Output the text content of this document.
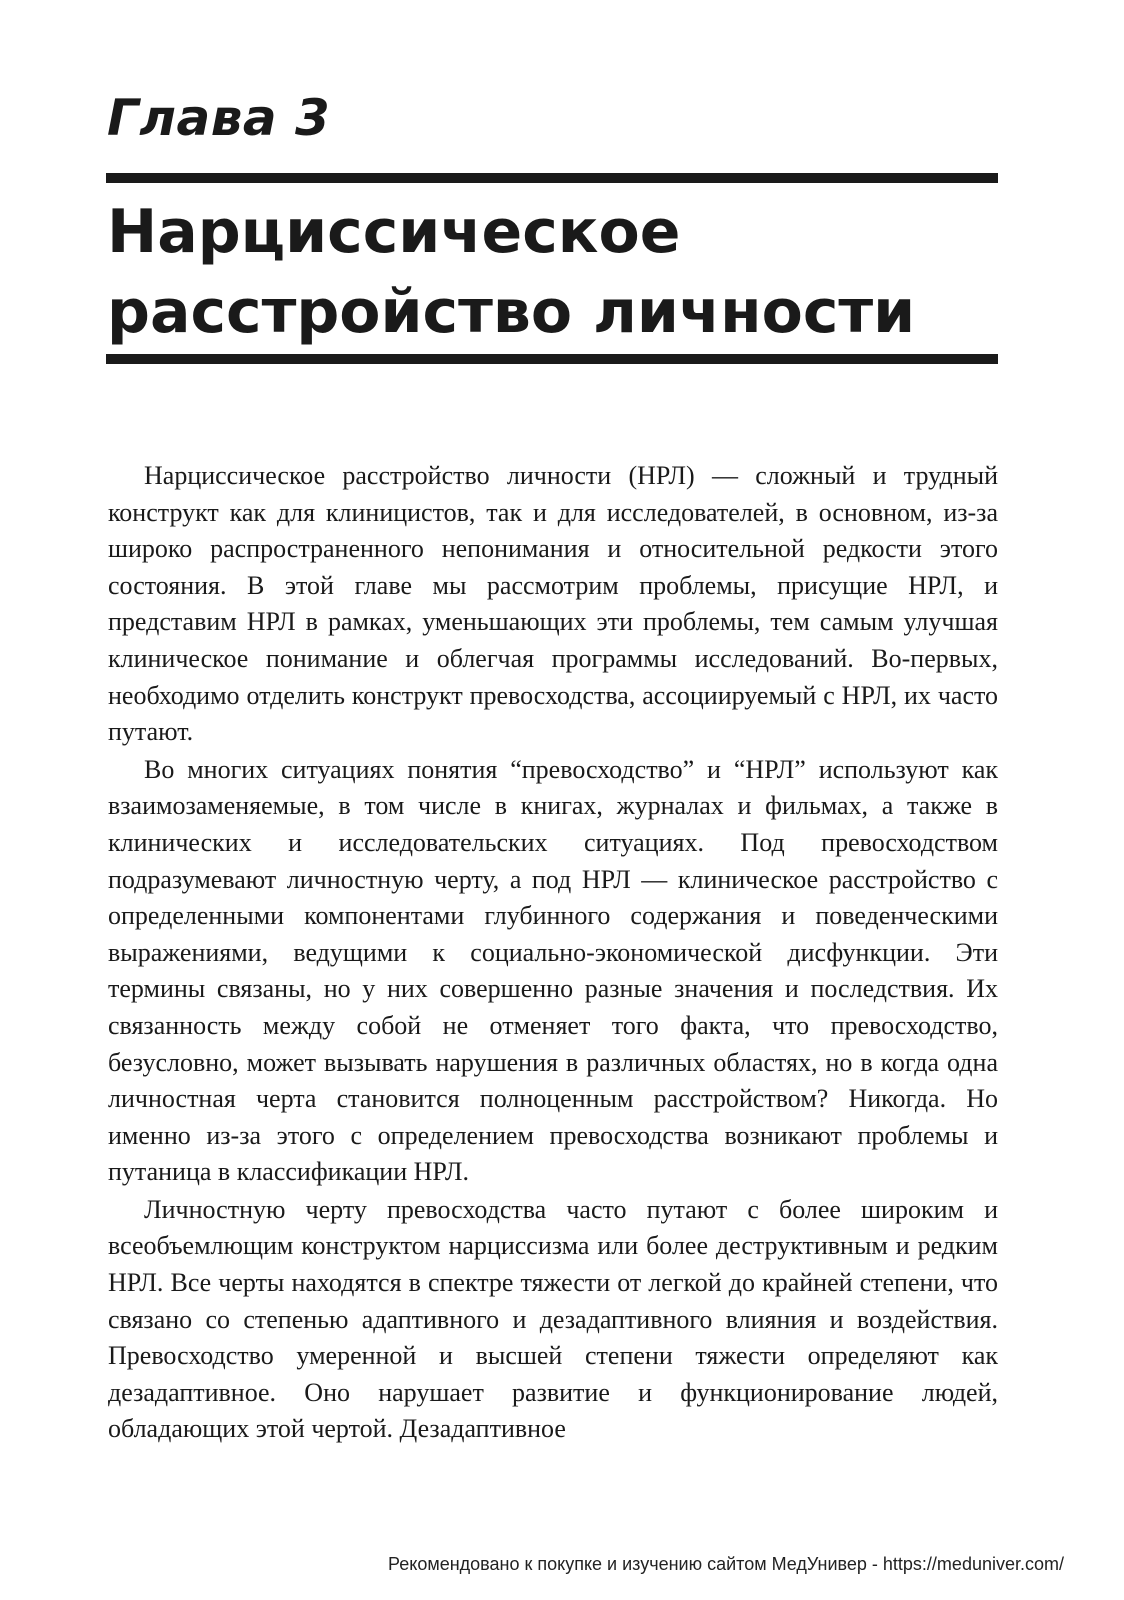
Глава 3
Нарциссическое
расстройство личности

Нарциссическое расстройство личности (НРЛ) — сложный и трудный конструкт как для клиницистов, так и для исследователей, в основном, из-за широко распространенного непонимания и относительной редкости этого состояния. В этой главе мы рассмотрим проблемы, присущие НРЛ, и представим НРЛ в рамках, уменьшающих эти проблемы, тем самым улучшая клиническое понимание и облегчая программы исследований. Во-первых, необходимо отделить конструкт превосходства, ассоциируемый с НРЛ, их часто путают.

Во многих ситуациях понятия “превосходство” и “НРЛ” используют как взаимозаменяемые, в том числе в книгах, журналах и фильмах, а также в клинических и исследовательских ситуациях. Под превосходством подразумевают личностную черту, а под НРЛ — клиническое расстройство с определенными компонентами глубинного содержания и поведенческими выражениями, ведущими к социально-экономической дисфункции. Эти термины связаны, но у них совершенно разные значения и последствия. Их связанность между собой не отменяет того факта, что превосходство, безусловно, может вызывать нарушения в различных областях, но в когда одна личностная черта становится полноценным расстройством? Никогда. Но именно из-за этого с определением превосходства возникают проблемы и путаница в классификации НРЛ.

Личностную черту превосходства часто путают с более широким и всеобъемлющим конструктом нарциссизма или более деструктивным и редким НРЛ. Все черты находятся в спектре тяжести от легкой до крайней степени, что связано со степенью адаптивного и дезадаптивного влияния и воздействия. Превосходство умеренной и высшей степени тяжести определяют как дезадаптивное. Оно нарушает развитие и функционирование людей, обладающих этой чертой. Дезадаптивное

Рекомендовано к покупке и изучению сайтом МедУнивер - https://meduniver.com/
